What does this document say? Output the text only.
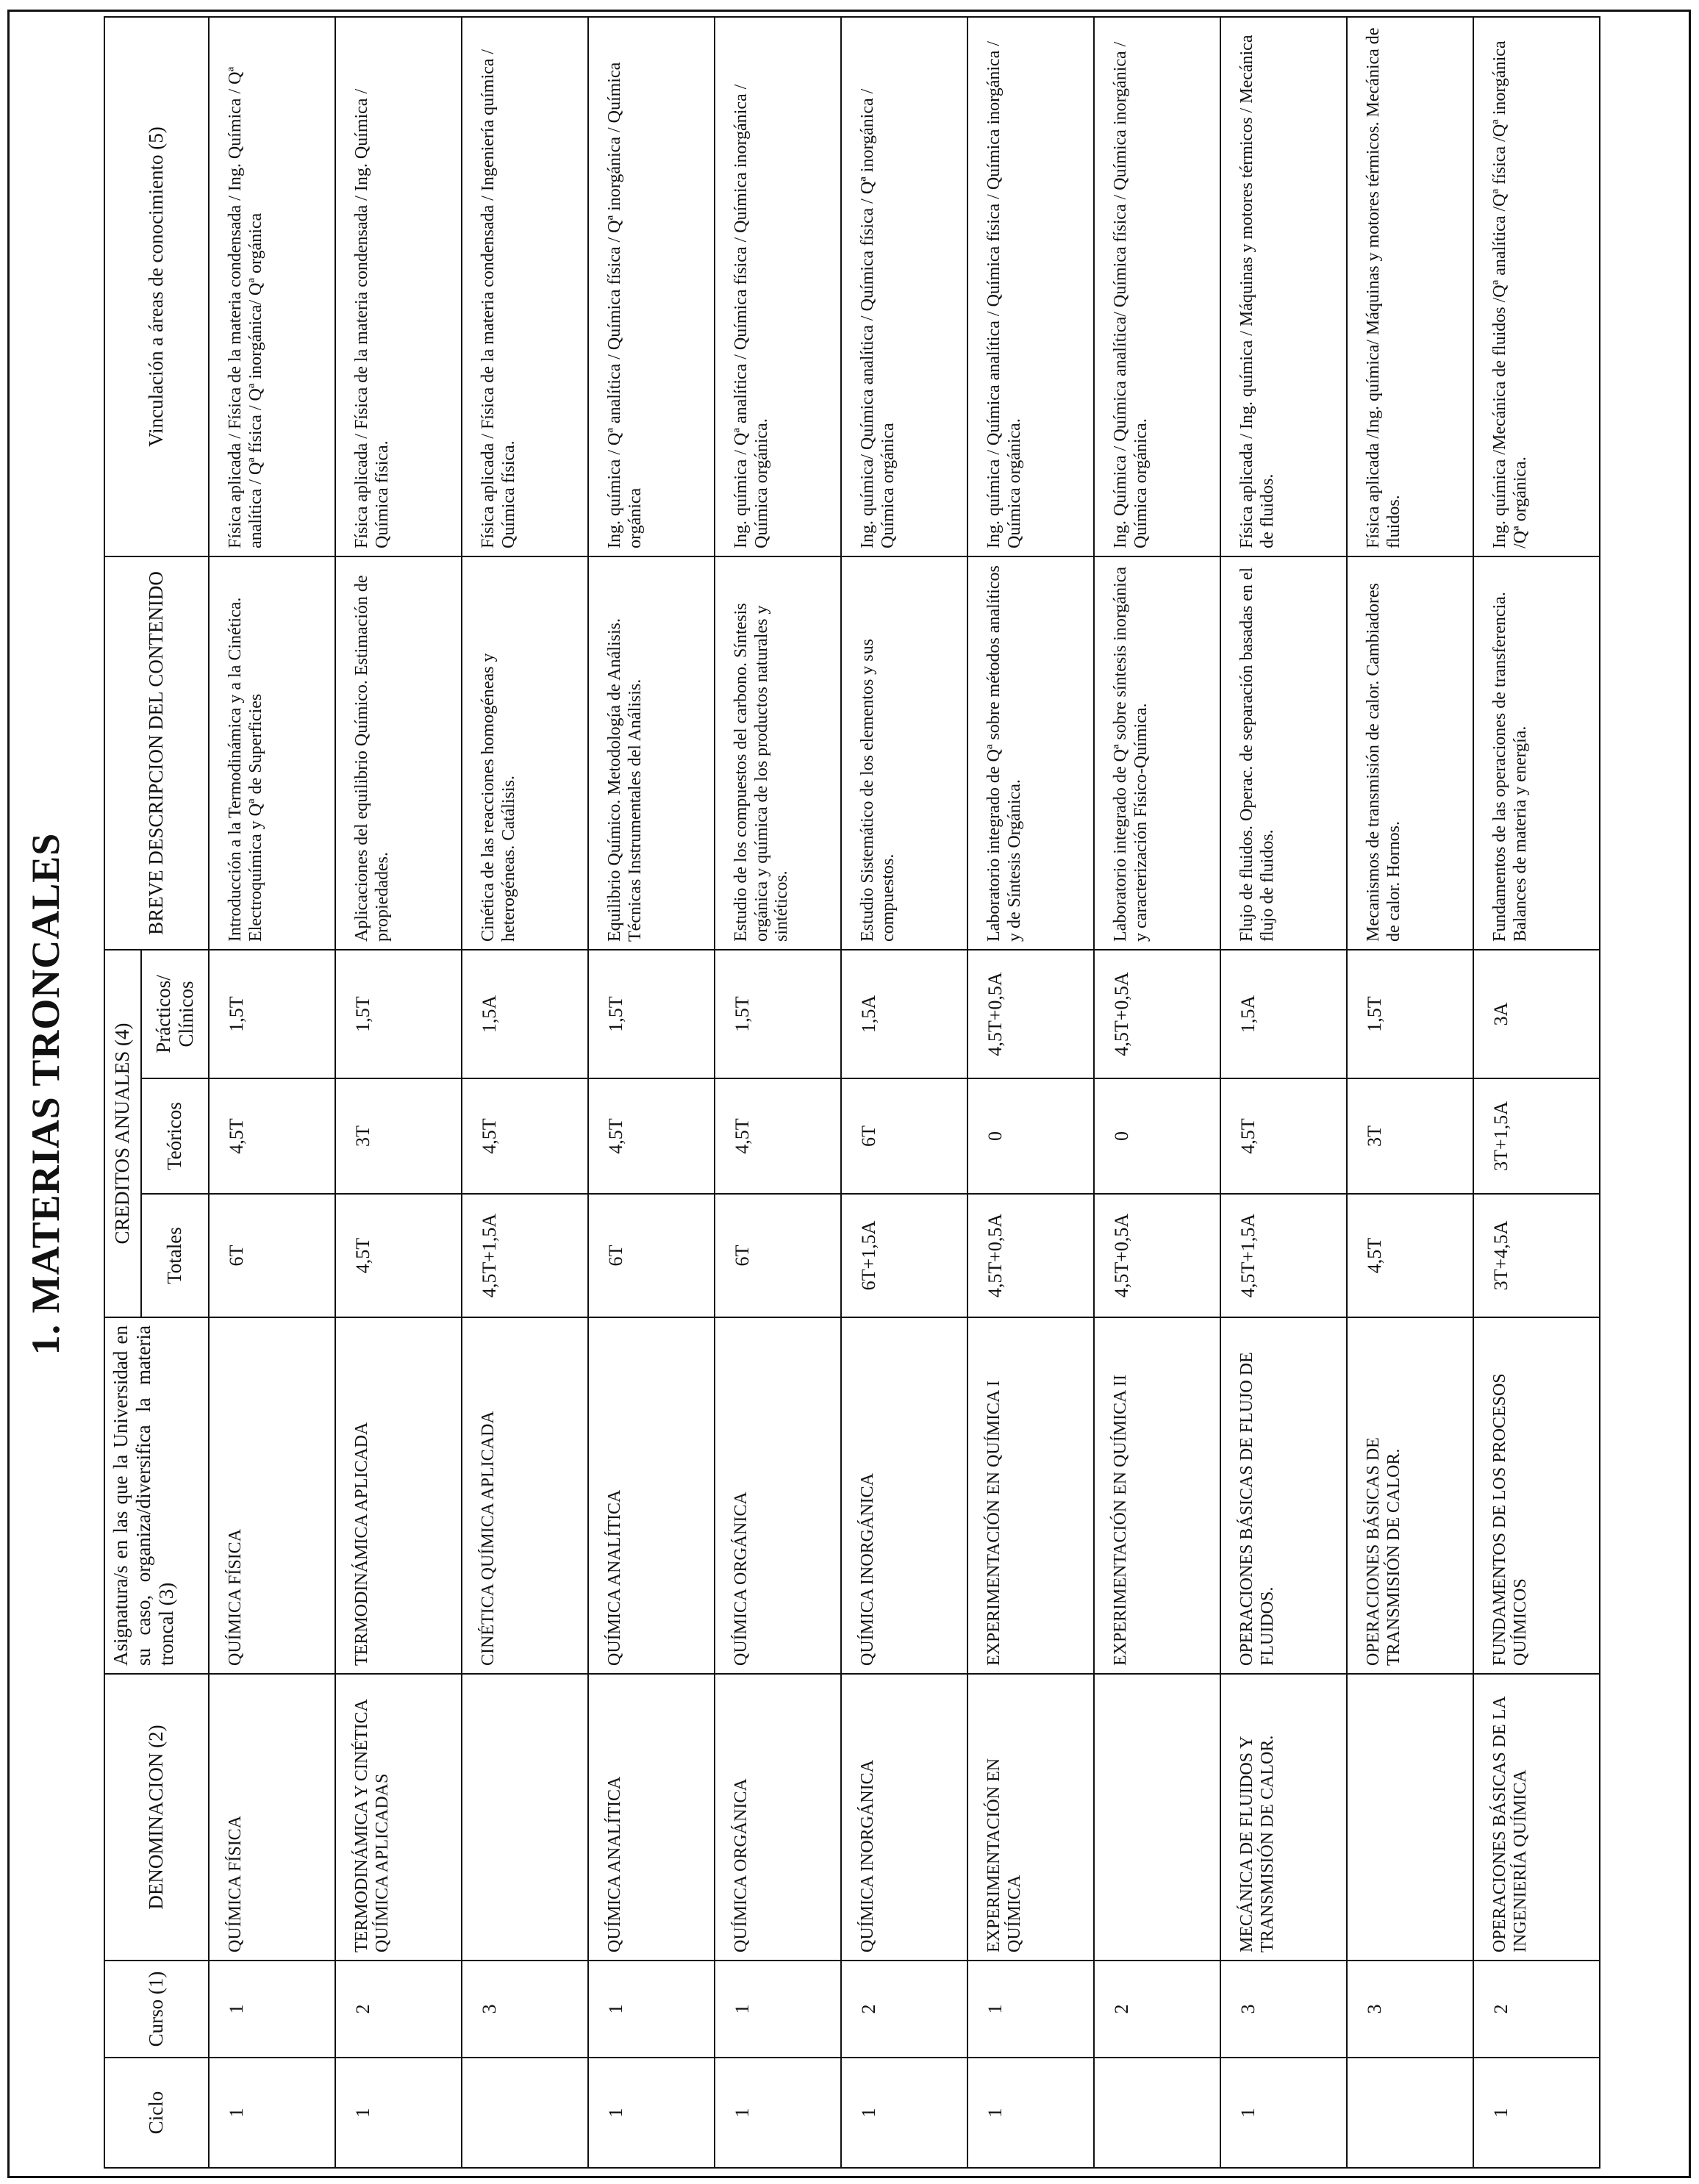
1. MATERIAS TRONCALES
Ciclo	Curso (1)	DENOMINACION (2)	Asignatura/s en las que la Universidad en su caso, organiza/diversifica la materia troncal (3)	CREDITOS ANUALES (4)			BREVE DESCRIPCION DEL CONTENIDO	Vinculación a áreas de conocimiento (5)
				Totales	Teóricos	Prácticos/ Clínicos		
1	1	QUÍMICA FÍSICA	QUÍMICA FÍSICA	6T	4,5T	1,5T	Introducción a la Termodinámica y a la Cinética. Electroquímica y Qª de Superficies	Física aplicada / Física de la materia condensada / Ing. Química / Qª analítica / Qª física / Qª inorgánica/ Qª orgánica
1	2	TERMODINÁMICA Y CINÉTICA QUÍMICA APLICADAS	TERMODINÁMICA APLICADA	4,5T	3T	1,5T	Aplicaciones del equilibrio Químico. Estimación de propiedades.	Física aplicada / Física de la materia condensada / Ing. Química / Química física.
	3		CINÉTICA QUÍMICA APLICADA	4,5T+1,5A	4,5T	1,5A	Cinética de las reacciones homogéneas y heterogéneas. Catálisis.	Física aplicada / Física de la materia condensada / Ingeniería química / Química física.
1	1	QUÍMICA ANALÍTICA	QUÍMICA ANALÍTICA	6T	4,5T	1,5T	Equilibrio Químico. Metodología de Análisis. Técnicas Instrumentales del Análisis.	Ing. química / Qª analítica / Química física / Qª inorgánica / Química orgánica
1	1	QUÍMICA ORGÁNICA	QUÍMICA ORGÁNICA	6T	4,5T	1,5T	Estudio de los compuestos del carbono. Síntesis orgánica y química de los productos naturales y sintéticos.	Ing. química / Qª analítica / Química física / Química inorgánica / Química orgánica.
1	2	QUÍMICA INORGÁNICA	QUÍMICA INORGÁNICA	6T+1,5A	6T	1,5A	Estudio Sistemático de los elementos y sus compuestos.	Ing. química/ Química analítica / Química física / Qª inorgánica / Química orgánica
1	1	EXPERIMENTACIÓN EN QUÍMICA	EXPERIMENTACIÓN EN QUÍMICA I	4,5T+0,5A	0	4,5T+0,5A	Laboratorio integrado de Qª sobre métodos analíticos y de Síntesis Orgánica.	Ing. química / Química analítica / Química física / Química inorgánica / Química orgánica.
	2		EXPERIMENTACIÓN EN QUÍMICA II	4,5T+0,5A	0	4,5T+0,5A	Laboratorio integrado de Qª sobre síntesis inorgánica y caracterización Físico-Química.	Ing. Química / Química analítica/ Química física / Química inorgánica / Química orgánica.
1	3	MECÁNICA DE FLUIDOS Y TRANSMISIÓN DE CALOR.	OPERACIONES BÁSICAS DE FLUJO DE FLUIDOS.	4,5T+1,5A	4,5T	1,5A	Flujo de fluidos. Operac. de separación basadas en el flujo de fluidos.	Física aplicada / Ing. química / Máquinas y motores térmicos / Mecánica de fluidos.
	3		OPERACIONES BÁSICAS DE TRANSMISIÓN DE CALOR.	4,5T	3T	1,5T	Mecanismos de transmisión de calor. Cambiadores de calor. Hornos.	Física aplicada /Ing. química/ Máquinas y motores térmicos. Mecánica de fluidos.
1	2	OPERACIONES BÁSICAS DE LA INGENIERÍA QUÍMICA	FUNDAMENTOS DE LOS PROCESOS QUÍMICOS	3T+4,5A	3T+1,5A	3A	Fundamentos de las operaciones de transferencia. Balances de materia y energía.	Ing. química /Mecánica de fluidos /Qª analítica /Qª física /Qª inorgánica /Qª orgánica.
